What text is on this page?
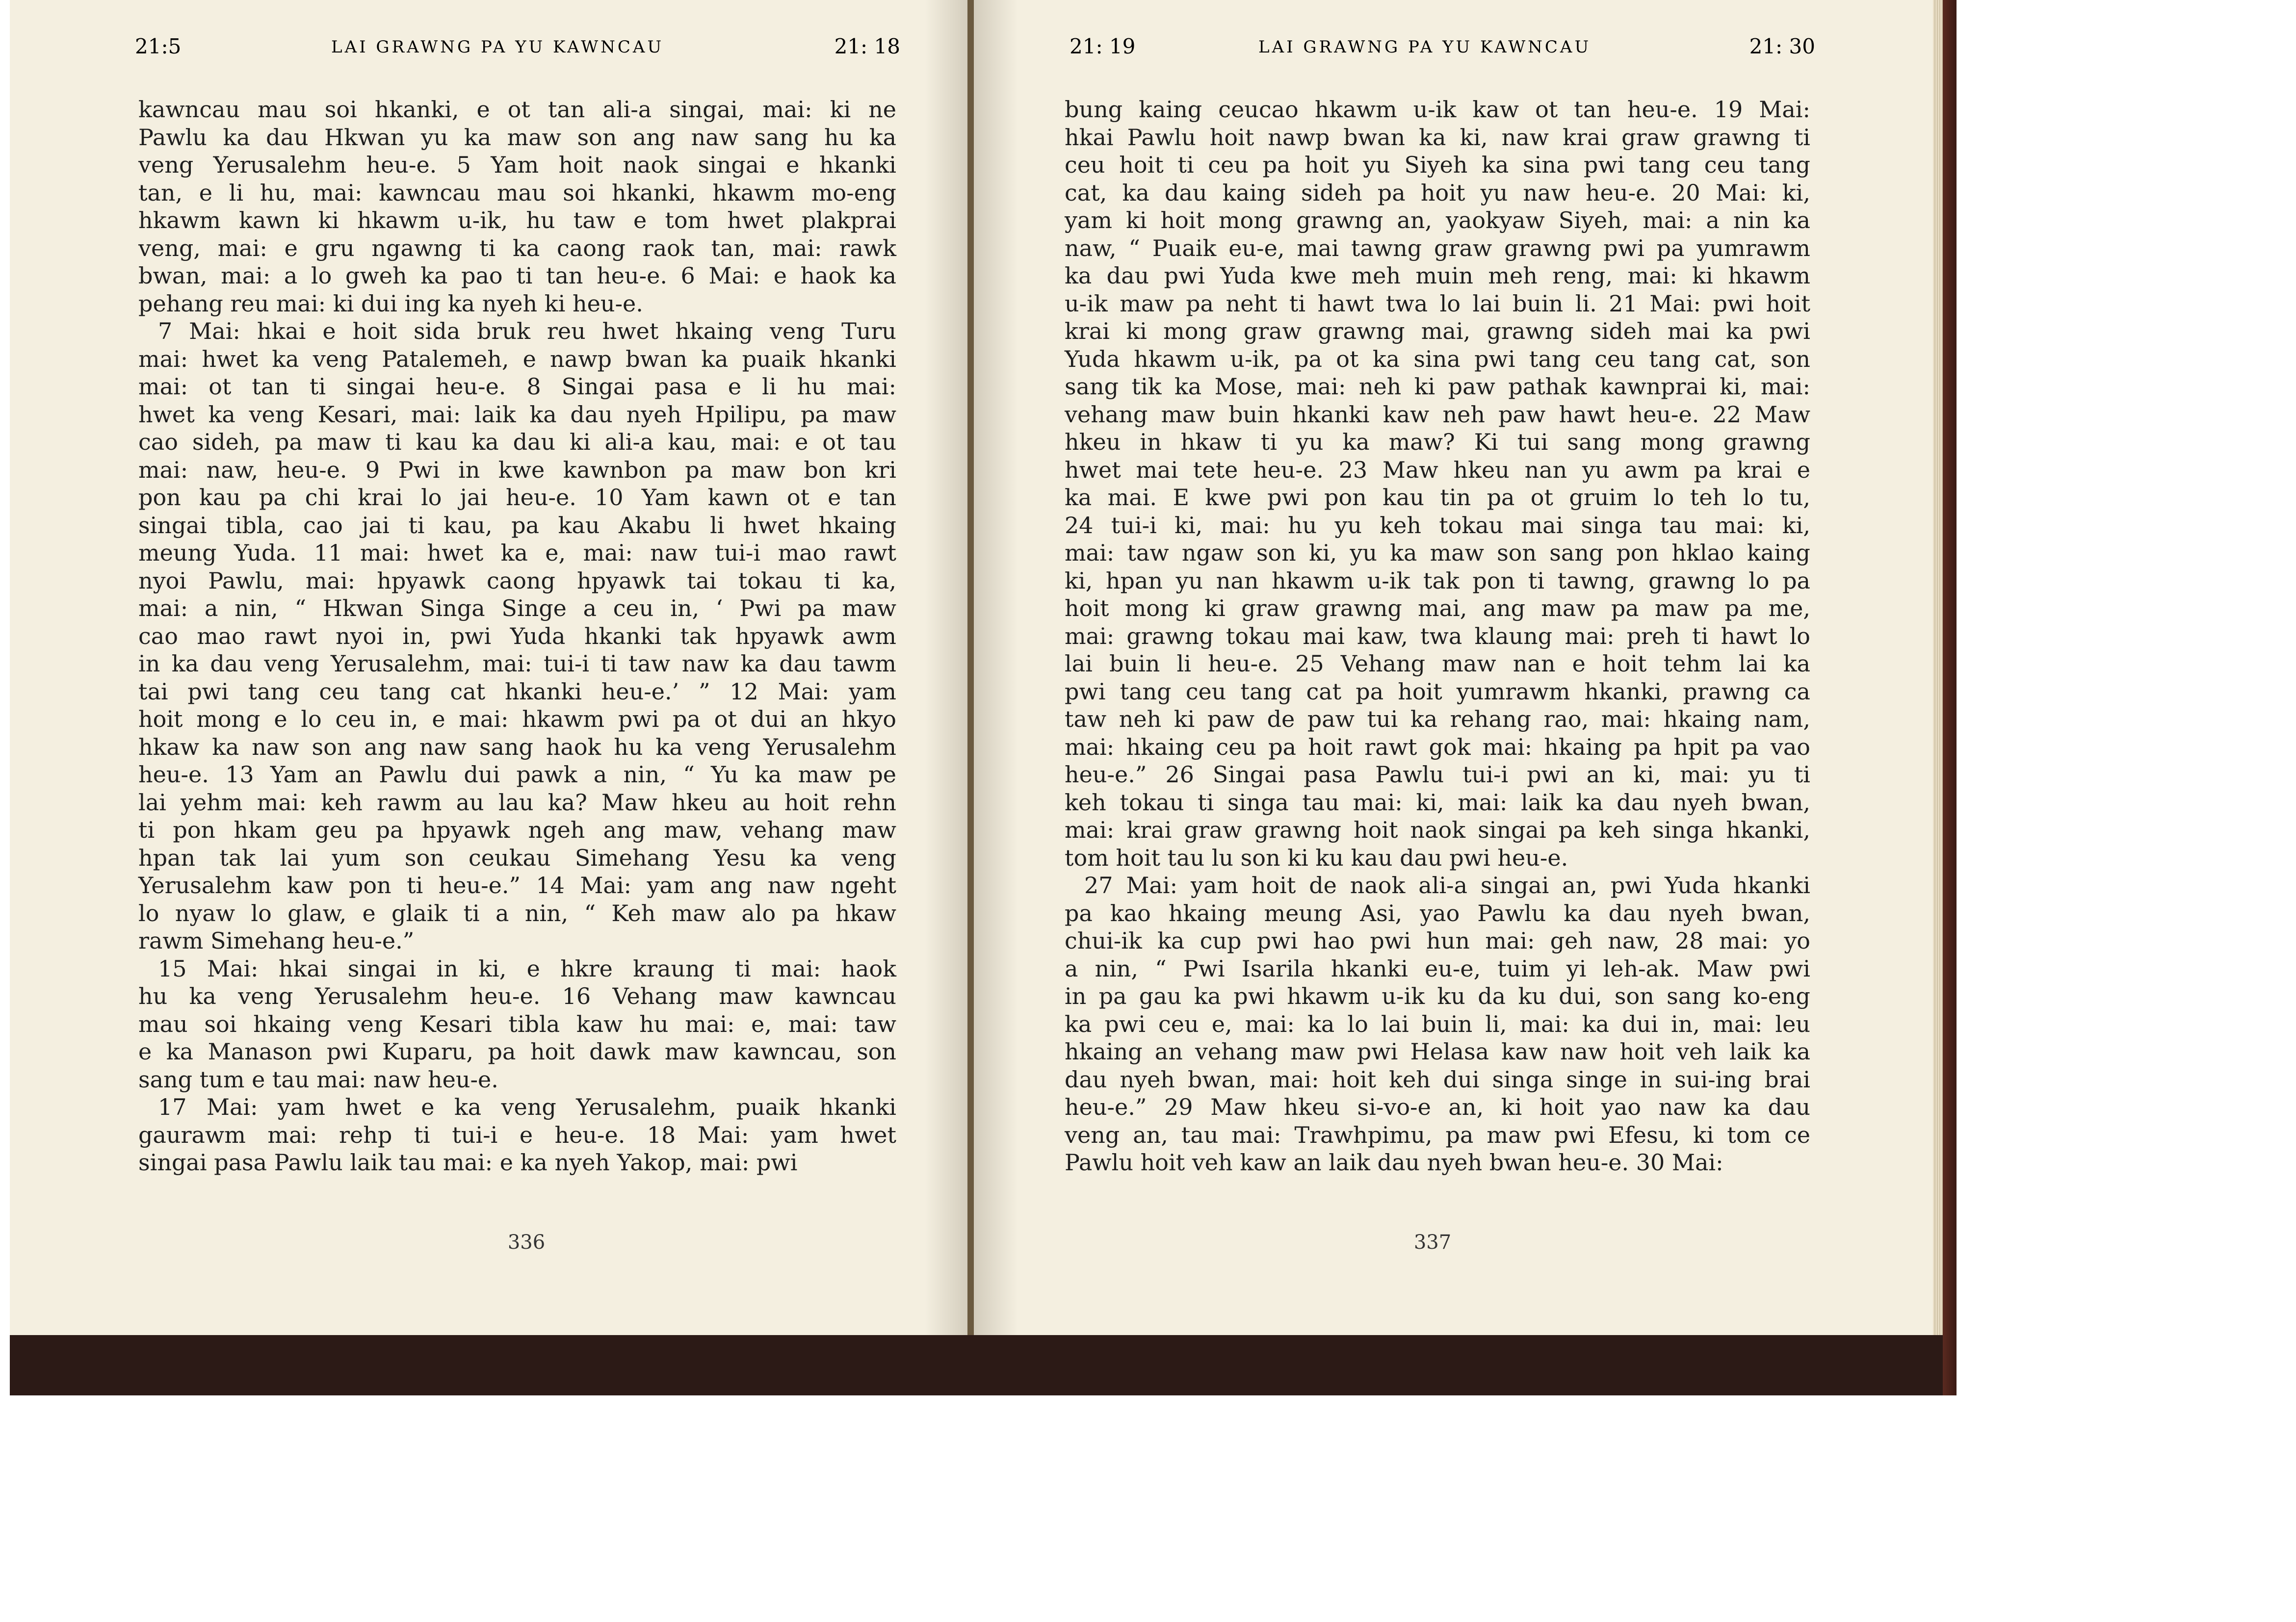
21:5	LAI GRAWNG PA YU KAWNCAU	21: 18
kawncau mau soi hkanki, e ot tan ali-a singai, mai: ki ne
Pawlu ka dau Hkwan yu ka maw son ang naw sang hu ka
veng Yerusalehm heu-e. 5 Yam hoit naok singai e hkanki
tan, e li hu, mai: kawncau mau soi hkanki, hkawm mo-eng
hkawm kawn ki hkawm u-ik, hu taw e tom hwet plakprai
veng, mai: e gru ngawng ti ka caong raok tan, mai: rawk
bwan, mai: a lo gweh ka pao ti tan heu-e. 6 Mai: e haok ka
pehang reu mai: ki dui ing ka nyeh ki heu-e.
7 Mai: hkai e hoit sida bruk reu hwet hkaing veng Turu
mai: hwet ka veng Patalemeh, e nawp bwan ka puaik hkanki
mai: ot tan ti singai heu-e. 8 Singai pasa e li hu mai:
hwet ka veng Kesari, mai: laik ka dau nyeh Hpilipu, pa maw
cao sideh, pa maw ti kau ka dau ki ali-a kau, mai: e ot tau
mai: naw, heu-e. 9 Pwi in kwe kawnbon pa maw bon kri
pon kau pa chi krai lo jai heu-e. 10 Yam kawn ot e tan
singai tibla, cao jai ti kau, pa kau Akabu li hwet hkaing
meung Yuda. 11 mai: hwet ka e, mai: naw tui-i mao rawt
nyoi Pawlu, mai: hpyawk caong hpyawk tai tokau ti ka,
mai: a nin, “ Hkwan Singa Singe a ceu in, ‘ Pwi pa maw
cao mao rawt nyoi in, pwi Yuda hkanki tak hpyawk awm
in ka dau veng Yerusalehm, mai: tui-i ti taw naw ka dau tawm
tai pwi tang ceu tang cat hkanki heu-e.’ ” 12 Mai: yam
hoit mong e lo ceu in, e mai: hkawm pwi pa ot dui an hkyo
hkaw ka naw son ang naw sang haok hu ka veng Yerusalehm
heu-e. 13 Yam an Pawlu dui pawk a nin, “ Yu ka maw pe
lai yehm mai: keh rawm au lau ka? Maw hkeu au hoit rehn
ti pon hkam geu pa hpyawk ngeh ang maw, vehang maw
hpan tak lai yum son ceukau Simehang Yesu ka veng
Yerusalehm kaw pon ti heu-e.” 14 Mai: yam ang naw ngeht
lo nyaw lo glaw, e glaik ti a nin, “ Keh maw alo pa hkaw
rawm Simehang heu-e.”
15 Mai: hkai singai in ki, e hkre kraung ti mai: haok
hu ka veng Yerusalehm heu-e. 16 Vehang maw kawncau
mau soi hkaing veng Kesari tibla kaw hu mai: e, mai: taw
e ka Manason pwi Kuparu, pa hoit dawk maw kawncau, son
sang tum e tau mai: naw heu-e.
17 Mai: yam hwet e ka veng Yerusalehm, puaik hkanki
gaurawm mai: rehp ti tui-i e heu-e. 18 Mai: yam hwet
singai pasa Pawlu laik tau mai: e ka nyeh Yakop, mai: pwi
336
21: 19	LAI GRAWNG PA YU KAWNCAU	21: 30
bung kaing ceucao hkawm u-ik kaw ot tan heu-e. 19 Mai:
hkai Pawlu hoit nawp bwan ka ki, naw krai graw grawng ti
ceu hoit ti ceu pa hoit yu Siyeh ka sina pwi tang ceu tang
cat, ka dau kaing sideh pa hoit yu naw heu-e. 20 Mai: ki,
yam ki hoit mong grawng an, yaokyaw Siyeh, mai: a nin ka
naw, “ Puaik eu-e, mai tawng graw grawng pwi pa yumrawm
ka dau pwi Yuda kwe meh muin meh reng, mai: ki hkawm
u-ik maw pa neht ti hawt twa lo lai buin li. 21 Mai: pwi hoit
krai ki mong graw grawng mai, grawng sideh mai ka pwi
Yuda hkawm u-ik, pa ot ka sina pwi tang ceu tang cat, son
sang tik ka Mose, mai: neh ki paw pathak kawnprai ki, mai:
vehang maw buin hkanki kaw neh paw hawt heu-e. 22 Maw
hkeu in hkaw ti yu ka maw? Ki tui sang mong grawng
hwet mai tete heu-e. 23 Maw hkeu nan yu awm pa krai e
ka mai. E kwe pwi pon kau tin pa ot gruim lo teh lo tu,
24 tui-i ki, mai: hu yu keh tokau mai singa tau mai: ki,
mai: taw ngaw son ki, yu ka maw son sang pon hklao kaing
ki, hpan yu nan hkawm u-ik tak pon ti tawng, grawng lo pa
hoit mong ki graw grawng mai, ang maw pa maw pa me,
mai: grawng tokau mai kaw, twa klaung mai: preh ti hawt lo
lai buin li heu-e. 25 Vehang maw nan e hoit tehm lai ka
pwi tang ceu tang cat pa hoit yumrawm hkanki, prawng ca
taw neh ki paw de paw tui ka rehang rao, mai: hkaing nam,
mai: hkaing ceu pa hoit rawt gok mai: hkaing pa hpit pa vao
heu-e.” 26 Singai pasa Pawlu tui-i pwi an ki, mai: yu ti
keh tokau ti singa tau mai: ki, mai: laik ka dau nyeh bwan,
mai: krai graw grawng hoit naok singai pa keh singa hkanki,
tom hoit tau lu son ki ku kau dau pwi heu-e.
27 Mai: yam hoit de naok ali-a singai an, pwi Yuda hkanki
pa kao hkaing meung Asi, yao Pawlu ka dau nyeh bwan,
chui-ik ka cup pwi hao pwi hun mai: geh naw, 28 mai: yo
a nin, “ Pwi Isarila hkanki eu-e, tuim yi leh-ak. Maw pwi
in pa gau ka pwi hkawm u-ik ku da ku dui, son sang ko-eng
ka pwi ceu e, mai: ka lo lai buin li, mai: ka dui in, mai: leu
hkaing an vehang maw pwi Helasa kaw naw hoit veh laik ka
dau nyeh bwan, mai: hoit keh dui singa singe in sui-ing brai
heu-e.” 29 Maw hkeu si-vo-e an, ki hoit yao naw ka dau
veng an, tau mai: Trawhpimu, pa maw pwi Efesu, ki tom ce
Pawlu hoit veh kaw an laik dau nyeh bwan heu-e. 30 Mai:
337
